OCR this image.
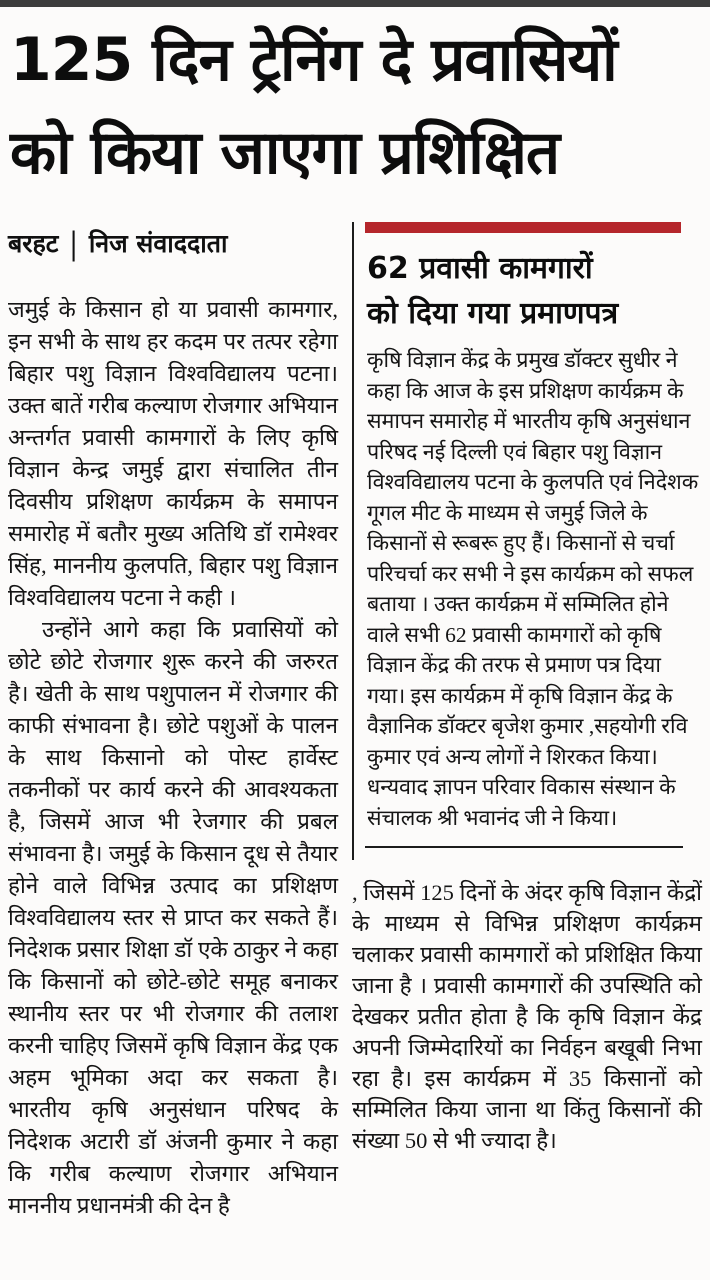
125 दिन ट्रेनिंग दे प्रवासियों
को किया जाएगा प्रशिक्षित
बरहट | निज संवाददाता

जमुई के किसान हो या प्रवासी कामगार, इन सभी के साथ हर कदम पर तत्पर रहेगा बिहार पशु विज्ञान विश्वविद्यालय पटना। उक्त बातें गरीब कल्याण रोजगार अभियान अन्तर्गत प्रवासी कामगारों के लिए कृषि विज्ञान केन्द्र जमुई द्वारा संचालित तीन दिवसीय प्रशिक्षण कार्यक्रम के समापन समारोह में बतौर मुख्य अतिथि डॉ रामेश्वर सिंह, माननीय कुलपति, बिहार पशु विज्ञान विश्वविद्यालय पटना ने कही ।

उन्होंने आगे कहा कि प्रवासियों को छोटे छोटे रोजगार शुरू करने की जरुरत है। खेती के साथ पशुपालन में रोजगार की काफी संभावना है। छोटे पशुओं के पालन के साथ किसानो को पोस्ट हार्वेस्ट तकनीकों पर कार्य करने की आवश्यकता है, जिसमें आज भी रेजगार की प्रबल संभावना है। जमुई के किसान दूध से तैयार होने वाले विभिन्न उत्पाद का प्रशिक्षण विश्वविद्यालय स्तर से प्राप्त कर सकते हैं। निदेशक प्रसार शिक्षा डॉ एके ठाकुर ने कहा कि किसानों को छोटे-छोटे समूह बनाकर स्थानीय स्तर पर भी रोजगार की तलाश करनी चाहिए जिसमें कृषि विज्ञान केंद्र एक अहम भूमिका अदा कर सकता है। भारतीय कृषि अनुसंधान परिषद के निदेशक अटारी डॉ अंजनी कुमार ने कहा कि गरीब कल्याण रोजगार अभियान माननीय प्रधानमंत्री की देन है

62 प्रवासी कामगारों
को दिया गया प्रमाणपत्र

कृषि विज्ञान केंद्र के प्रमुख डॉक्टर सुधीर ने कहा कि आज के इस प्रशिक्षण कार्यक्रम के समापन समारोह में भारतीय कृषि अनुसंधान परिषद नई दिल्ली एवं बिहार पशु विज्ञान विश्वविद्यालय पटना के कुलपति एवं निदेशक गूगल मीट के माध्यम से जमुई जिले के किसानों से रूबरू हुए हैं। किसानों से चर्चा परिचर्चा कर सभी ने इस कार्यक्रम को सफल बताया । उक्त कार्यक्रम में सम्मिलित होने वाले सभी 62 प्रवासी कामगारों को कृषि विज्ञान केंद्र की तरफ से प्रमाण पत्र दिया गया। इस कार्यक्रम में कृषि विज्ञान केंद्र के वैज्ञानिक डॉक्टर बृजेश कुमार ,सहयोगी रवि कुमार एवं अन्य लोगों ने शिरकत किया। धन्यवाद ज्ञापन परिवार विकास संस्थान के संचालक श्री भवानंद जी ने किया।

, जिसमें 125 दिनों के अंदर कृषि विज्ञान केंद्रों के माध्यम से विभिन्न प्रशिक्षण कार्यक्रम चलाकर प्रवासी कामगारों को प्रशिक्षित किया जाना है । प्रवासी कामगारों की उपस्थिति को देखकर प्रतीत होता है कि कृषि विज्ञान केंद्र अपनी जिम्मेदारियों का निर्वहन बखूबी निभा रहा है। इस कार्यक्रम में 35 किसानों को सम्मिलित किया जाना था किंतु किसानों की संख्या 50 से भी ज्यादा है।
